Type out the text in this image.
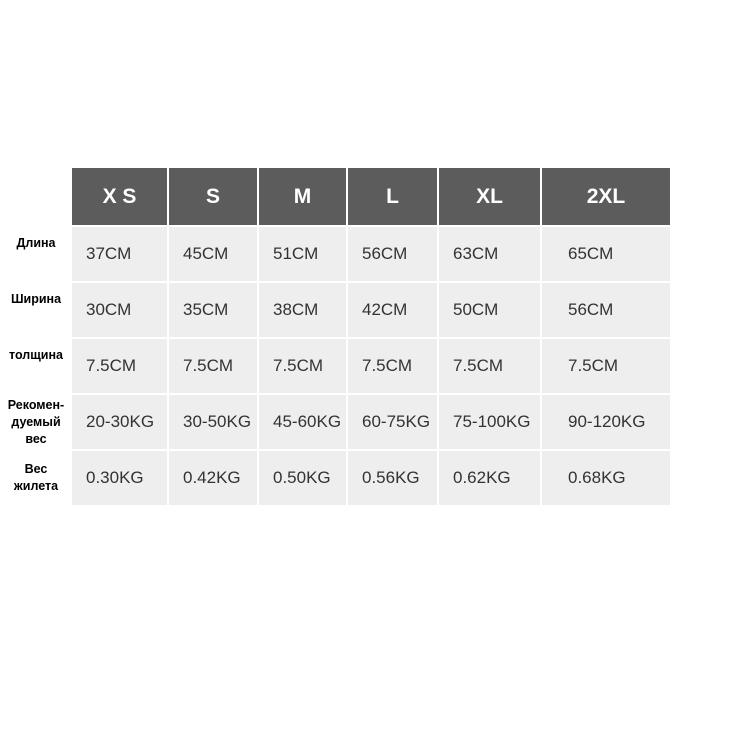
	X S	S	M	L	XL	2XL
Длина	37CM	45CM	51CM	56CM	63CM	65CM
Ширина	30CM	35CM	38CM	42CM	50CM	56CM
толщина	7.5CM	7.5CM	7.5CM	7.5CM	7.5CM	7.5CM
Рекомен-
дуемый
вес	20-30KG	30-50KG	45-60KG	60-75KG	75-100KG	90-120KG
Вес
жилета	0.30KG	0.42KG	0.50KG	0.56KG	0.62KG	0.68KG
